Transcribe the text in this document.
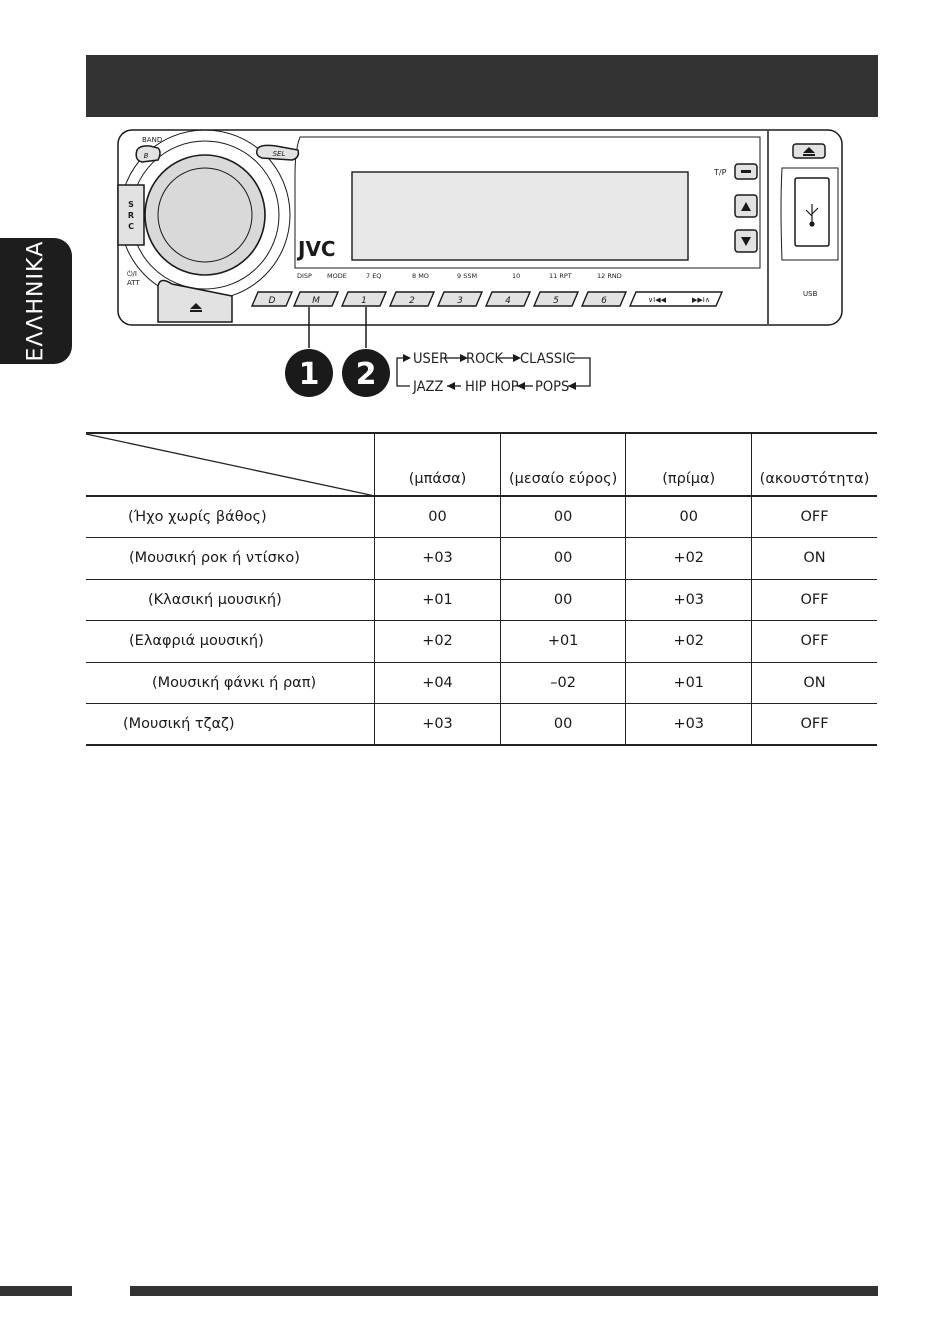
ΕΛΛΗΝΙΚΑ
BAND
B	SEL
S
R
C
⏻/I
ATT
JVC
T/P
USB
DISP MODE	7 EQ	8 MO	9 SSM	10	11 RPT	12 RND
D	M	1	2	3	4	5	6	∨I◀◀	▶▶I∧
1 2	USER ROCK CLASSIC
JAZZ HIP HOP POPS
	(μπάσα)	(μεσαίο εύρος)	(πρίμα)	(ακουστότητα)
(Ήχο χωρίς βάθος)	00	00	00	OFF
(Μουσική ροκ ή ντίσκο)	+03	00	+02	ON
(Κλασική μουσική)	+01	00	+03	OFF
(Ελαφριά μουσική)	+02	+01	+02	OFF
(Μουσική φάνκι ή ραπ)	+04	–02	+01	ON
(Μουσική τζαζ)	+03	00	+03	OFF
